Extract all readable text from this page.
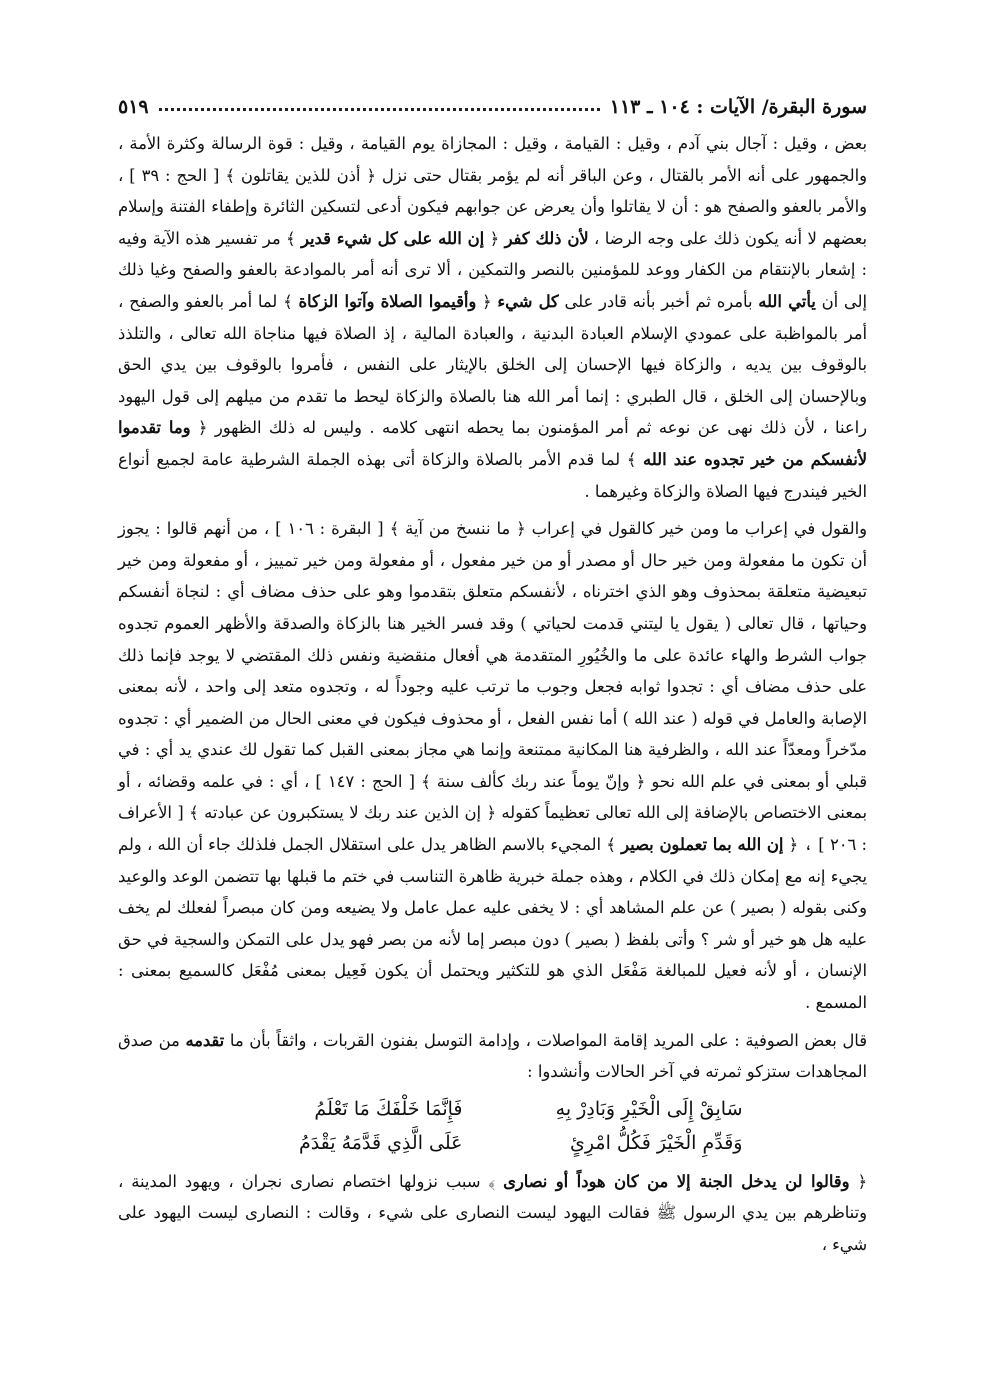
سورة البقرة/ الآيات : ١٠٤ ـ ١١٣
٥١٩

بعض ، وقيل : آجال بني آدم ، وقيل : القيامة ، وقيل : المجازاة يوم القيامة ، وقيل : قوة الرسالة وكثرة الأمة ، والجمهور على أنه الأمر بالقتال ، وعن الباقر أنه لم يؤمر بقتال حتى نزل ﴿ أذن للذين يقاتلون ﴾ [ الحج : ٣٩ ] ، والأمر بالعفو والصفح هو : أن لا يقاتلوا وأن يعرض عن جوابهم فيكون أدعى لتسكين الثائرة وإطفاء الفتنة وإسلام بعضهم لا أنه يكون ذلك على وجه الرضا ، لأن ذلك كفر ﴿ إن الله على كل شيء قدير ﴾ مر تفسير هذه الآية وفيه : إشعار بالإنتقام من الكفار ووعد للمؤمنين بالنصر والتمكين ، ألا ترى أنه أمر بالموادعة بالعفو والصفح وغيا ذلك إلى أن يأتي الله بأمره ثم أخبر بأنه قادر على كل شيء ﴿ وأقيموا الصلاة وآتوا الزكاة ﴾ لما أمر بالعفو والصفح ، أمر بالمواظبة على عمودي الإسلام العبادة البدنية ، والعبادة المالية ، إذ الصلاة فيها مناجاة الله تعالى ، والتلذذ بالوقوف بين يديه ، والزكاة فيها الإحسان إلى الخلق بالإيثار على النفس ، فأمروا بالوقوف بين يدي الحق وبالإحسان إلى الخلق ، قال الطبري : إنما أمر الله هنا بالصلاة والزكاة ليحط ما تقدم من ميلهم إلى قول اليهود راعنا ، لأن ذلك نهى عن نوعه ثم أمر المؤمنون بما يحطه انتهى كلامه . وليس له ذلك الظهور ﴿ وما تقدموا لأنفسكم من خير تجدوه عند الله ﴾ لما قدم الأمر بالصلاة والزكاة أتى بهذه الجملة الشرطية عامة لجميع أنواع الخير فيندرج فيها الصلاة والزكاة وغيرهما .

والقول في إعراب ما ومن خير كالقول في إعراب ﴿ ما ننسخ من آية ﴾ [ البقرة : ١٠٦ ] ، من أنهم قالوا : يجوز أن تكون ما مفعولة ومن خير حال أو مصدر أو من خير مفعول ، أو مفعولة ومن خير تمييز ، أو مفعولة ومن خير تبعيضية متعلقة بمحذوف وهو الذي اخترناه ، لأنفسكم متعلق بتقدموا وهو على حذف مضاف أي : لنجاة أنفسكم وحياتها ، قال تعالى ( يقول يا ليتني قدمت لحياتي ) وقد فسر الخير هنا بالزكاة والصدقة والأظهر العموم تجدوه جواب الشرط والهاء عائدة على ما والخُيُورِ المتقدمة هي أفعال منقضية ونفس ذلك المقتضي لا يوجد فإنما ذلك على حذف مضاف أي : تجدوا ثوابه فجعل وجوب ما ترتب عليه وجوداً له ، وتجدوه متعد إلى واحد ، لأنه بمعنى الإصابة والعامل في قوله ( عند الله ) أما نفس الفعل ، أو محذوف فيكون في معنى الحال من الضمير أي : تجدوه مدّخراً ومعدّاً عند الله ، والظرفية هنا المكانية ممتنعة وإنما هي مجاز بمعنى القبل كما تقول لك عندي يد أي : في قبلي أو بمعنى في علم الله نحو ﴿ وإنّ يوماً عند ربك كألف سنة ﴾ [ الحج : ١٤٧ ] ، أي : في علمه وقضائه ، أو بمعنى الاختصاص بالإضافة إلى الله تعالى تعظيماً كقوله ﴿ إن الذين عند ربك لا يستكبرون عن عبادته ﴾ [ الأعراف : ٢٠٦ ] ، ﴿ إن الله بما تعملون بصير ﴾ المجيء بالاسم الظاهر يدل على استقلال الجمل فلذلك جاء أن الله ، ولم يجيء إنه مع إمكان ذلك في الكلام ، وهذه جملة خبرية ظاهرة التناسب في ختم ما قبلها بها تتضمن الوعد والوعيد وكنى بقوله ( بصير ) عن علم المشاهد أي : لا يخفى عليه عمل عامل ولا يضيعه ومن كان مبصراً لفعلك لم يخف عليه هل هو خير أو شر ؟ وأتى بلفظ ( بصير ) دون مبصر إما لأنه من بصر فهو يدل على التمكن والسجية في حق الإنسان ، أو لأنه فعيل للمبالغة مَفْعَل الذي هو للتكثير ويحتمل أن يكون فَعِيل بمعنى مُفْعَل كالسميع بمعنى : المسمع .

قال بعض الصوفية : على المريد إقامة المواصلات ، وإدامة التوسل بفنون القربات ، واثقاً بأن ما تقدمه من صدق المجاهدات ستزكو ثمرته في آخر الحالات وأنشدوا :

سَابِقْ إِلَى الْخَيْرِ وَبَادِرْ بِهِ
فَإِنَّمَا خَلْفَكَ مَا تَعْلَمُ
وَقَدِّمِ الْخَيْرَ فَكُلُّ امْرِئٍ
عَلَى الَّذِي قَدَّمَهُ يَقْدَمُ

﴿ وقالوا لن يدخل الجنة إلا من كان هوداً أو نصارى ﴾ سبب نزولها اختصام نصارى نجران ، ويهود المدينة ، وتناظرهم بين يدي الرسول ﷺ فقالت اليهود ليست النصارى على شيء ، وقالت : النصارى ليست اليهود على شيء ،
